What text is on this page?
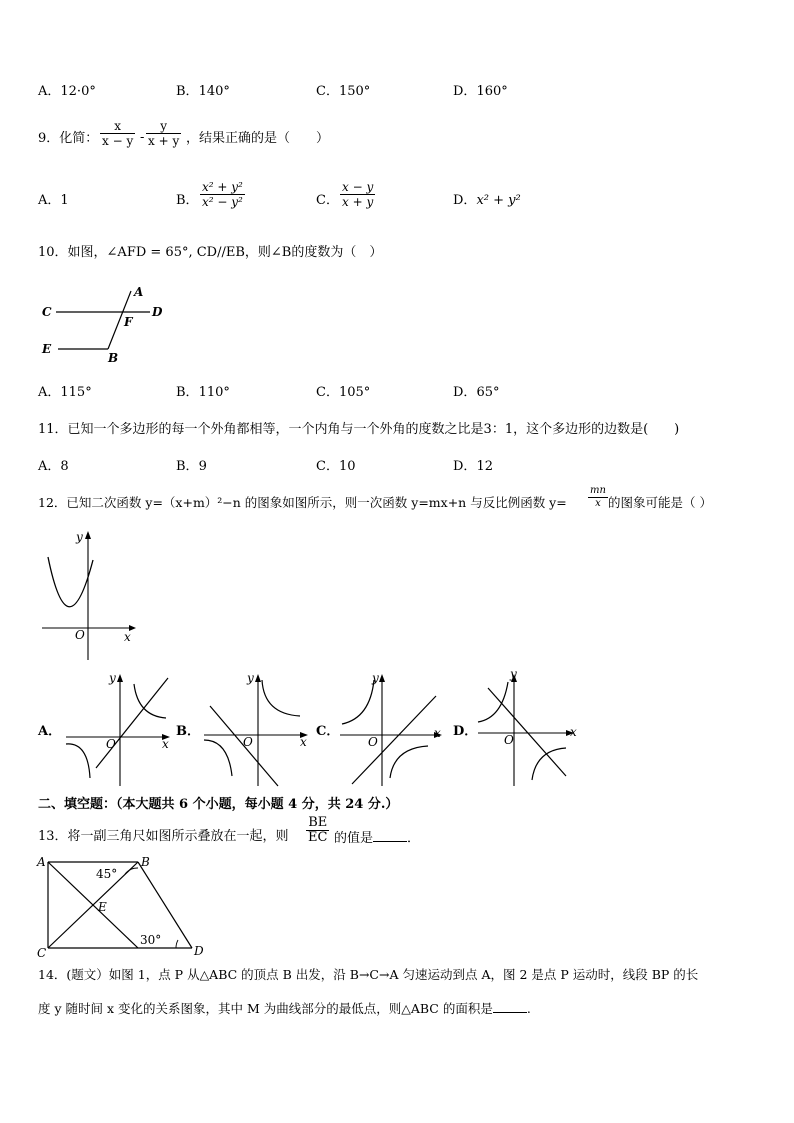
A．12·0°	B．140°	C．150°	D．160°
9．化简： $\frac{x}{x - y} - \frac{y}{x + y}$ ，结果正确的是（　　）
A．1	B． $\frac{\text{x² + y²}}{\text{x² − y²}}$	C． $\frac{x - y}{x + y}$	D．x² + y²
10．如图，∠AFD = 65°, CD//EB，则∠B的度数为（　）
A
C	D
F
E
B
A．115°	B．110°	C．105°	D．65°
11．已知一个多边形的每一个外角都相等，一个内角与一个外角的度数之比是3：1，这个多边形的边数是(　　)
A．8	B．9	C．10	D．12
12．已知二次函数 y=（x+m）²−n 的图象如图所示，则一次函数 y=mx+n 与反比例函数 $y= \frac{mn}{x}$ 的图象可能是（ ）
y
x
O
A．
y
x
O
B．
y
x
O
C．
y
x
O
D．
y
x
O
二、填空题：（本大题共 6 个小题，每小题 4 分，共 24 分.）
13．将一副三角尺如图所示叠放在一起，则 $\frac{BE}{EC}$ 的值是	．
A	B
C	D
E
45°
30°
14．(题文）如图 1，点 P 从△ABC 的顶点 B 出发，沿 B→C→A 匀速运动到点 A，图 2 是点 P 运动时，线段 BP 的长
度 y 随时间 x 变化的关系图象，其中 M 为曲线部分的最低点，则△ABC 的面积是	.
